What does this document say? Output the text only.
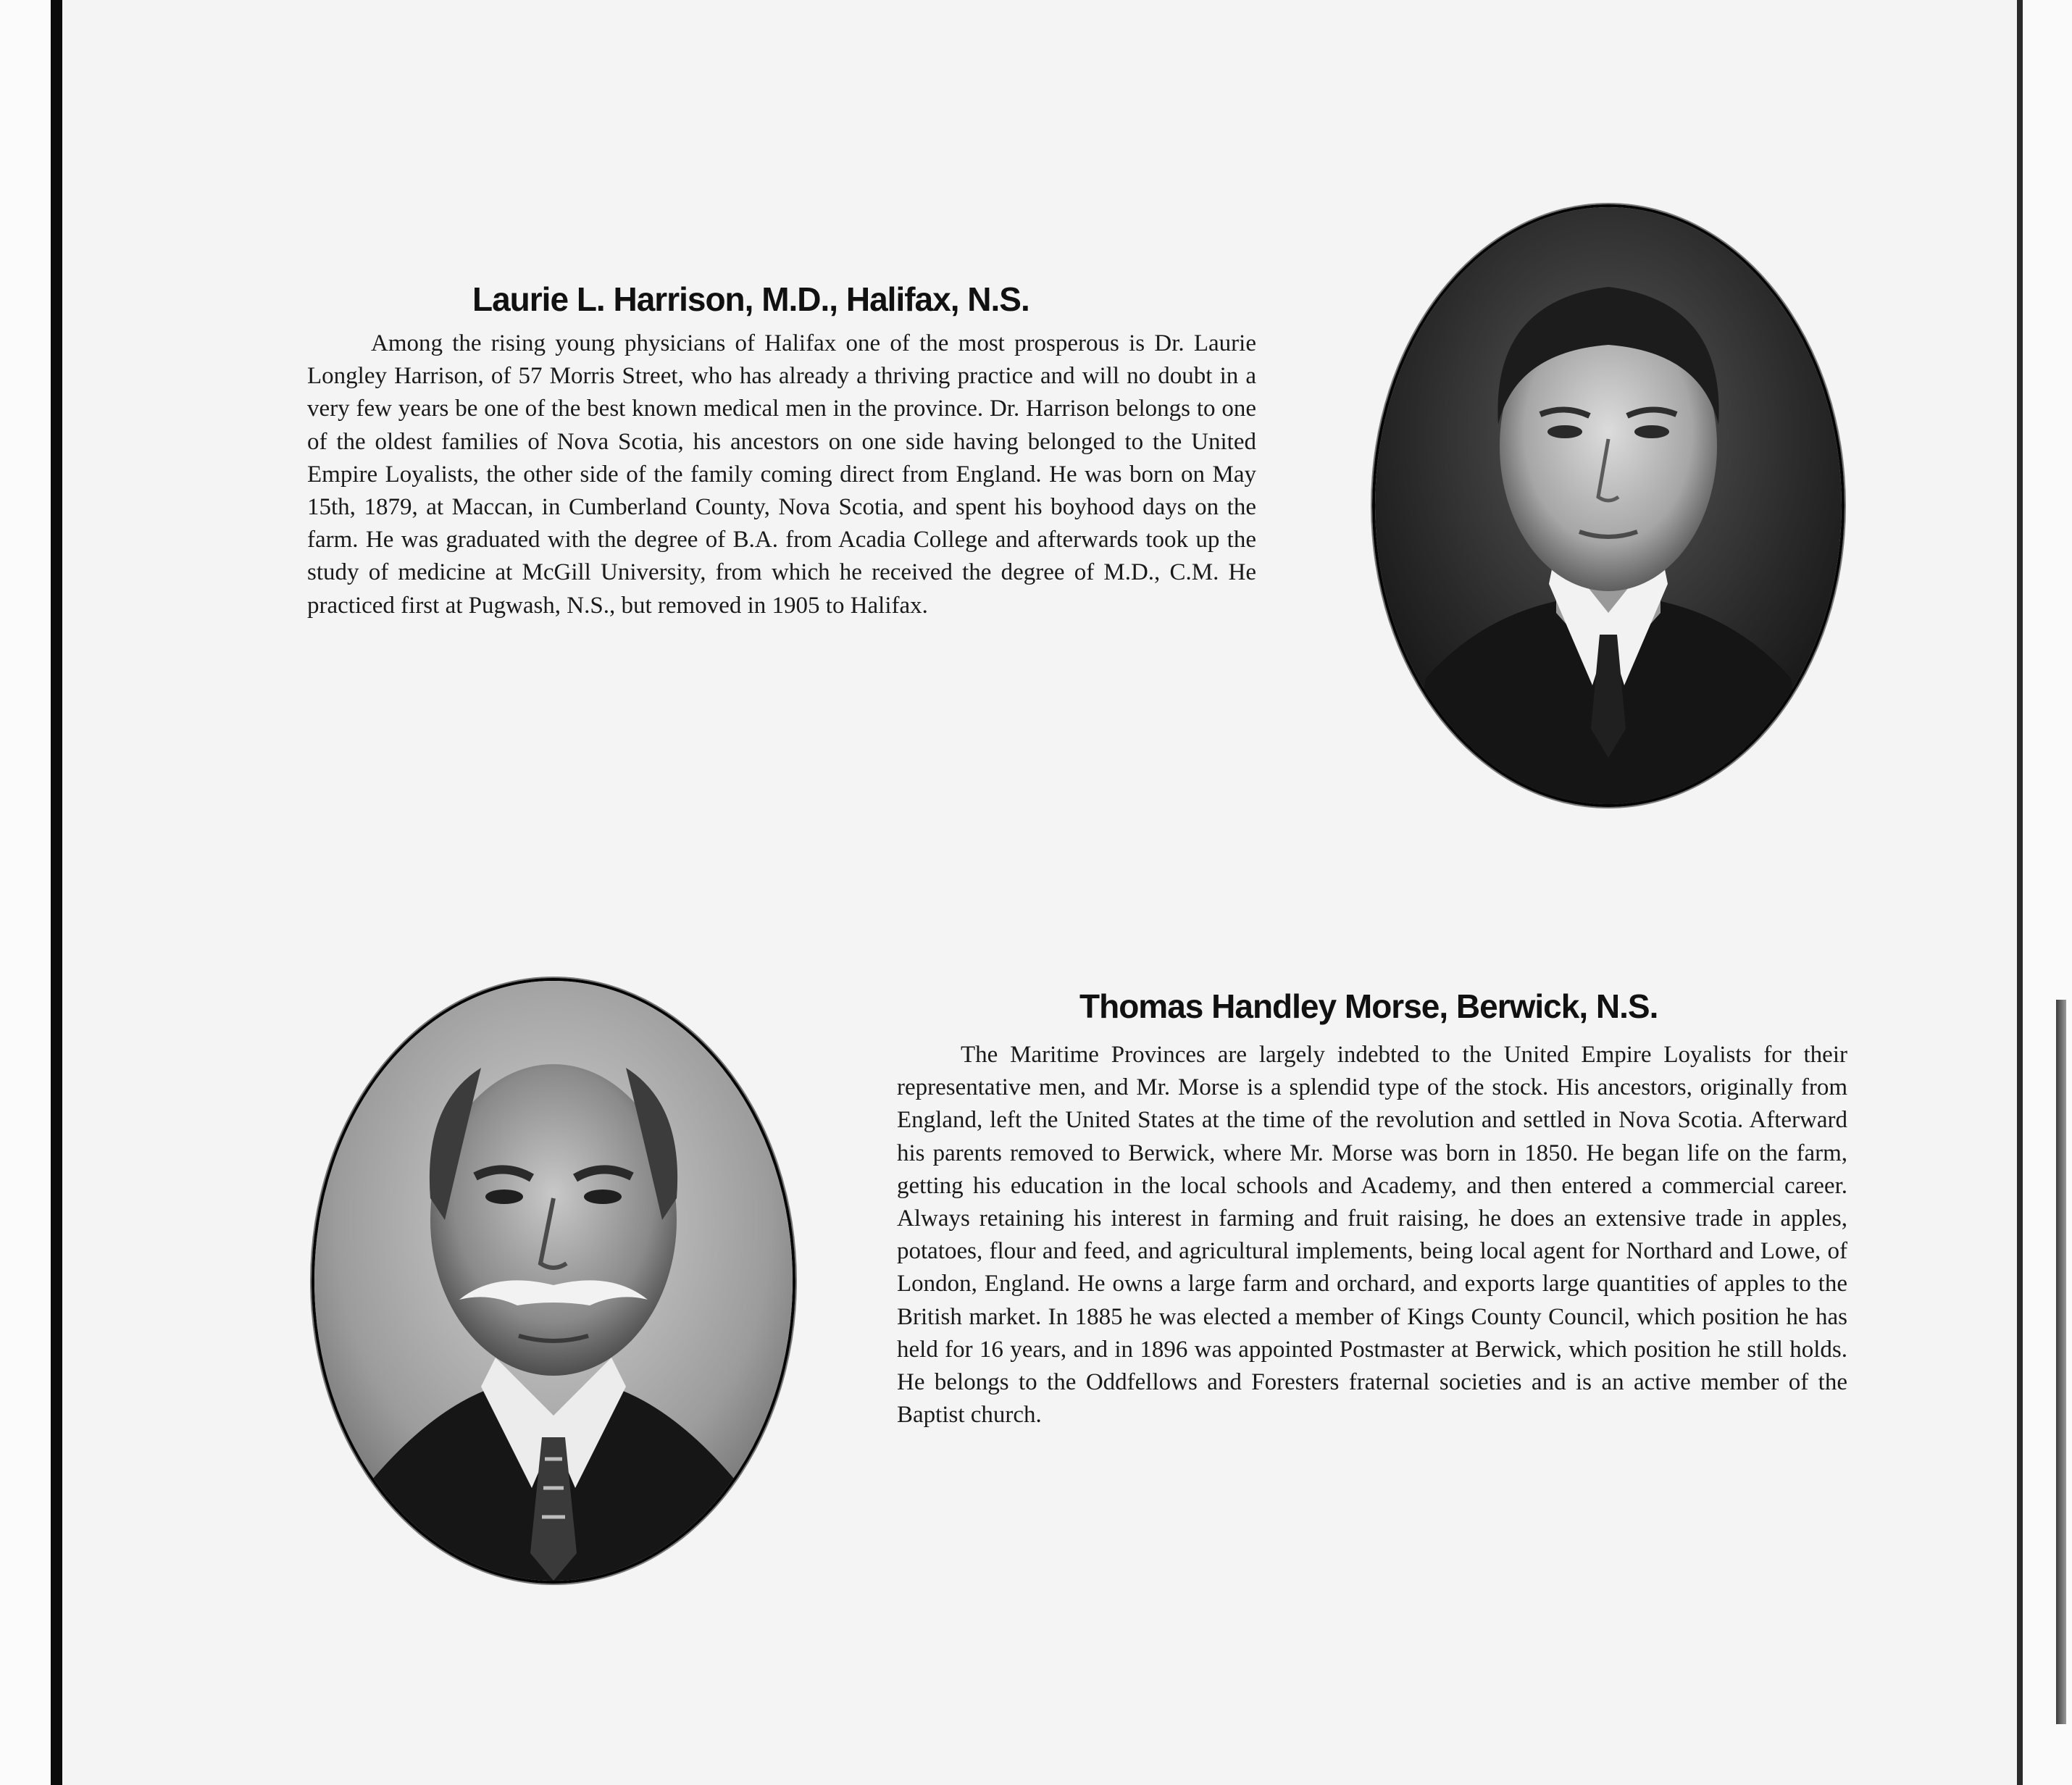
Laurie L. Harrison, M.D., Halifax, N.S.

Among the rising young physicians of Halifax one of the most prosperous is Dr. Laurie Longley Harrison, of 57 Morris Street, who has already a thriving practice and will no doubt in a very few years be one of the best known medical men in the province. Dr. Harrison belongs to one of the oldest families of Nova Scotia, his ancestors on one side having belonged to the United Empire Loyalists, the other side of the family coming direct from England. He was born on May 15th, 1879, at Maccan, in Cumberland County, Nova Scotia, and spent his boyhood days on the farm. He was graduated with the degree of B.A. from Acadia College and afterwards took up the study of medicine at McGill University, from which he received the degree of M.D., C.M. He practiced first at Pugwash, N.S., but removed in 1905 to Halifax.

Thomas Handley Morse, Berwick, N.S.

The Maritime Provinces are largely indebted to the United Empire Loyalists for their representative men, and Mr. Morse is a splendid type of the stock. His ancestors, originally from England, left the United States at the time of the revolution and settled in Nova Scotia. Afterward his parents removed to Berwick, where Mr. Morse was born in 1850. He began life on the farm, getting his education in the local schools and Academy, and then entered a commercial career. Always retaining his interest in farming and fruit raising, he does an extensive trade in apples, potatoes, flour and feed, and agricultural implements, being local agent for Northard and Lowe, of London, England. He owns a large farm and orchard, and exports large quantities of apples to the British market. In 1885 he was elected a member of Kings County Council, which position he has held for 16 years, and in 1896 was appointed Postmaster at Berwick, which position he still holds. He belongs to the Oddfellows and Foresters fraternal societies and is an active member of the Baptist church.
